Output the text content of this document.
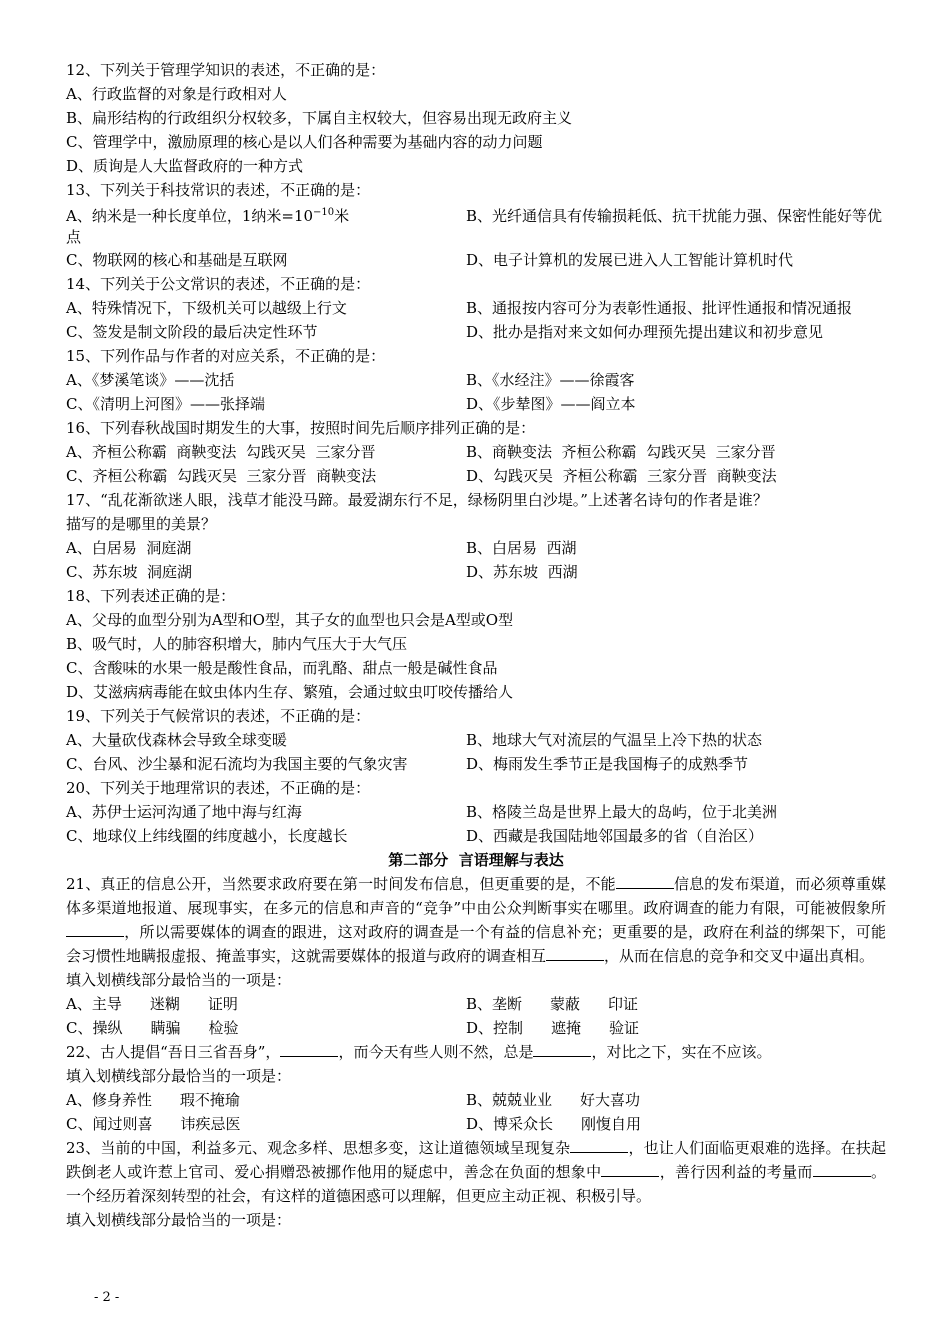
12、下列关于管理学知识的表述，不正确的是：
A、行政监督的对象是行政相对人
B、扁形结构的行政组织分权较多，下属自主权较大，但容易出现无政府主义
C、管理学中，激励原理的核心是以人们各种需要为基础内容的动力问题
D、质询是人大监督政府的一种方式
13、下列关于科技常识的表述，不正确的是：
A、纳米是一种长度单位，1纳米$=10^{-10}$米	B、光纤通信具有传输损耗低、抗干扰能力强、保密性能好等优
点
C、物联网的核心和基础是互联网	D、电子计算机的发展已进入人工智能计算机时代
14、下列关于公文常识的表述，不正确的是：
A、特殊情况下，下级机关可以越级上行文	B、通报按内容可分为表彰性通报、批评性通报和情况通报
C、签发是制文阶段的最后决定性环节	D、批办是指对来文如何办理预先提出建议和初步意见
15、下列作品与作者的对应关系，不正确的是：
A、《梦溪笔谈》——沈括	B、《水经注》——徐霞客
C、《清明上河图》——张择端	D、《步辇图》——阎立本
16、下列春秋战国时期发生的大事，按照时间先后顺序排列正确的是：
A、齐桓公称霸  商鞅变法  勾践灭吴  三家分晋	B、商鞅变法  齐桓公称霸  勾践灭吴  三家分晋
C、齐桓公称霸  勾践灭吴  三家分晋  商鞅变法	D、勾践灭吴  齐桓公称霸  三家分晋  商鞅变法
17、“乱花渐欲迷人眼，浅草才能没马蹄。最爱湖东行不足，绿杨阴里白沙堤。”上述著名诗句的作者是谁？
描写的是哪里的美景？
A、白居易  洞庭湖	B、白居易  西湖
C、苏东坡  洞庭湖	D、苏东坡  西湖
18、下列表述正确的是：
A、父母的血型分别为A型和O型，其子女的血型也只会是A型或O型
B、吸气时，人的肺容积增大，肺内气压大于大气压
C、含酸味的水果一般是酸性食品，而乳酪、甜点一般是碱性食品
D、艾滋病病毒能在蚊虫体内生存、繁殖，会通过蚊虫叮咬传播给人
19、下列关于气候常识的表述，不正确的是：
A、大量砍伐森林会导致全球变暖	B、地球大气对流层的气温呈上冷下热的状态
C、台风、沙尘暴和泥石流均为我国主要的气象灾害	D、梅雨发生季节正是我国梅子的成熟季节
20、下列关于地理常识的表述，不正确的是：
A、苏伊士运河沟通了地中海与红海	B、格陵兰岛是世界上最大的岛屿，位于北美洲
C、地球仪上纬线圈的纬度越小，长度越长	D、西藏是我国陆地邻国最多的省（自治区）
第二部分  言语理解与表达
21、真正的信息公开，当然要求政府要在第一时间发布信息，但更重要的是，不能	信息的发布渠道，而必须尊重媒体多渠道地报道、展现事实，在多元的信息和声音的“竞争”中由公众判断事实在哪里。政府调查的能力有限，可能被假象所，所以需要媒体的调查的跟进，这对政府的调查是一个有益的信息补充；更重要的是，政府在利益的绑架下，可能会习惯性地瞒报虚报、掩盖事实，这就需要媒体的报道与政府的调查相互	，从而在信息的竞争和交叉中逼出真相。
填入划横线部分最恰当的一项是：
A、主导 迷糊 证明	B、垄断 蒙蔽 印证
C、操纵 瞒骗 检验	D、控制 遮掩 验证
22、古人提倡“吾日三省吾身”，	，而今天有些人则不然，总是	，对比之下，实在不应该。
填入划横线部分最恰当的一项是：
A、修身养性 瑕不掩瑜	B、兢兢业业 好大喜功
C、闻过则喜 讳疾忌医	D、博采众长 刚愎自用
23、当前的中国，利益多元、观念多样、思想多变，这让道德领域呈现复杂	，也让人们面临更艰难的选择。在扶起跌倒老人或许惹上官司、爱心捐赠恐被挪作他用的疑虑中，善念在负面的想象中	，善行因利益的考量而	。一个经历着深刻转型的社会，有这样的道德困惑可以理解，但更应主动正视、积极引导。
填入划横线部分最恰当的一项是：
- 2 -
